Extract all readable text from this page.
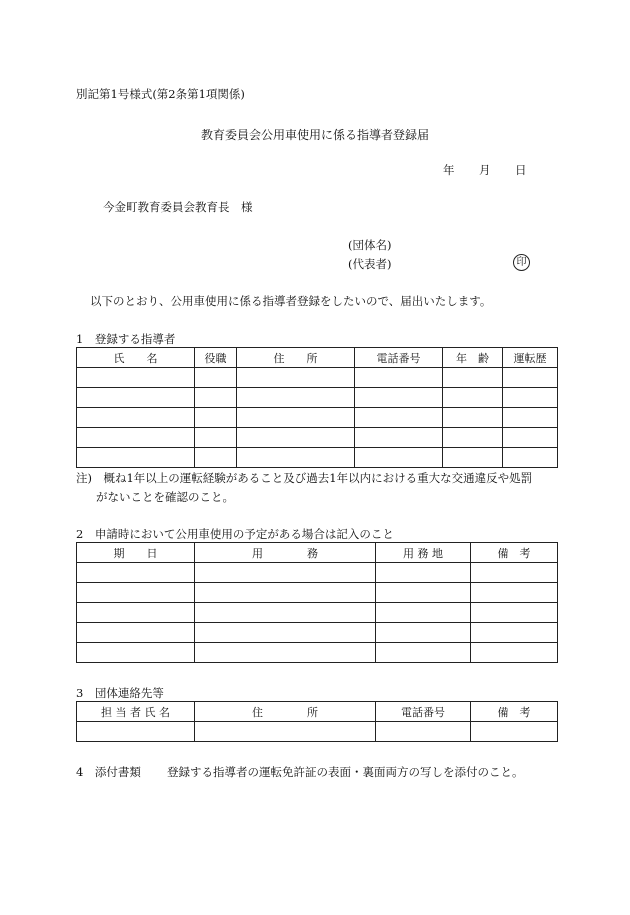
別記第1号様式(第2条第1項関係)
教育委員会公用車使用に係る指導者登録届
年 月 日
今金町教育委員会教育長　様
(団体名)
(代表者)	印
以下のとおり、公用車使用に係る指導者登録をしたいので、届出いたします。
1　登録する指導者
氏　　名	役職	住　　所	電話番号	年　齢	運転歴

注)　概ね1年以上の運転経験があること及び過去1年以内における重大な交通違反や処罰
がないことを確認のこと。
2　申請時において公用車使用の予定がある場合は記入のこと
期　　日	用　　　　務	用 務 地	備　考

3　団体連絡先等
担 当 者 氏 名	住　　　　所	電話番号	備　考

4　添付書類 登録する指導者の運転免許証の表面・裏面両方の写しを添付のこと。
